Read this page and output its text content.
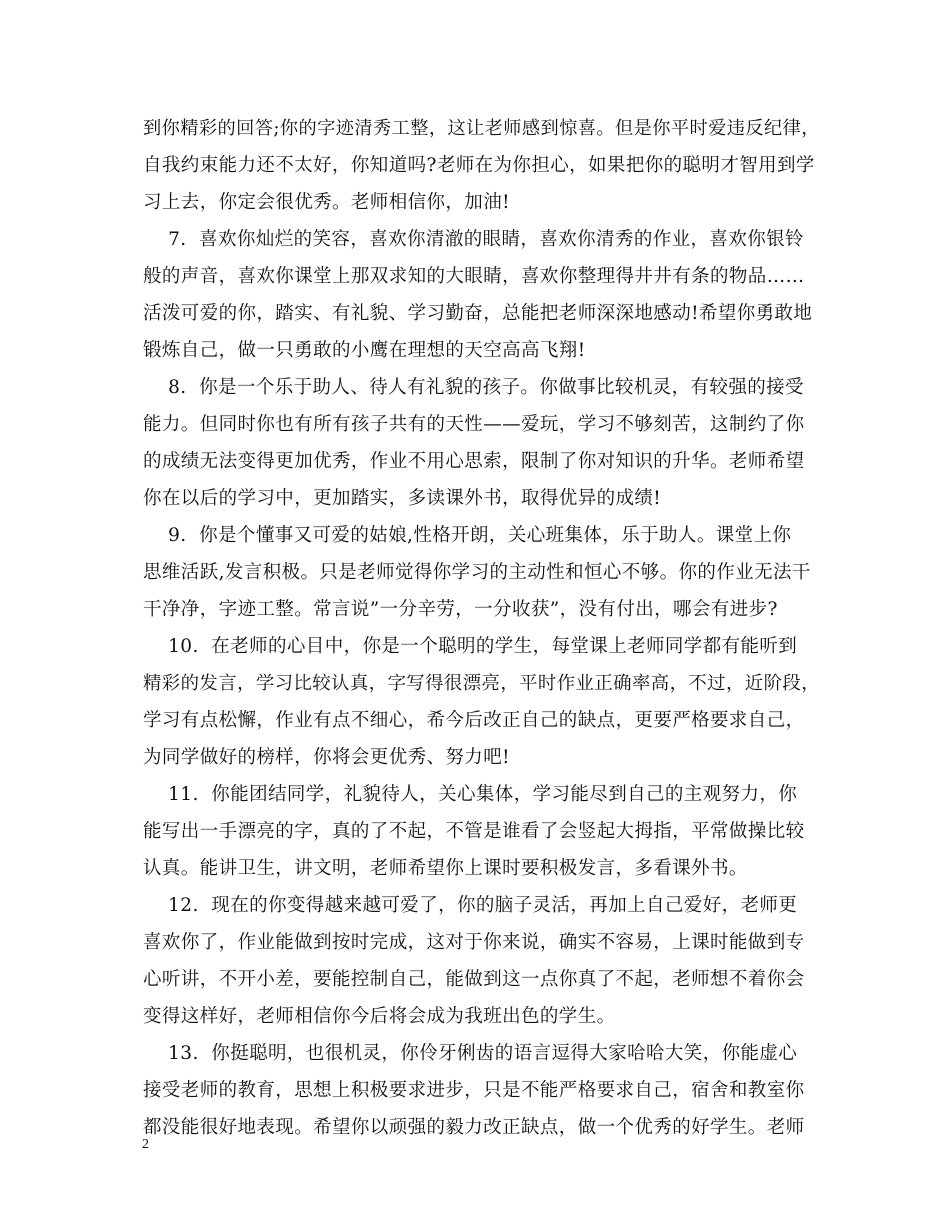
到你精彩的回答;你的字迹清秀工整，这让老师感到惊喜。但是你平时爱违反纪律，
自我约束能力还不太好，你知道吗?老师在为你担心，如果把你的聪明才智用到学
习上去，你定会很优秀。老师相信你，加油!
7.  喜欢你灿烂的笑容，喜欢你清澈的眼睛，喜欢你清秀的作业，喜欢你银铃
般的声音，喜欢你课堂上那双求知的大眼睛，喜欢你整理得井井有条的物品……
活泼可爱的你，踏实、有礼貌、学习勤奋，总能把老师深深地感动!希望你勇敢地
锻炼自己，做一只勇敢的小鹰在理想的天空高高飞翔!
8.  你是一个乐于助人、待人有礼貌的孩子。你做事比较机灵，有较强的接受
能力。但同时你也有所有孩子共有的天性——爱玩，学习不够刻苦，这制约了你
的成绩无法变得更加优秀，作业不用心思索，限制了你对知识的升华。老师希望
你在以后的学习中，更加踏实，多读课外书，取得优异的成绩!
9.  你是个懂事又可爱的姑娘,性格开朗，关心班集体，乐于助人。课堂上你
思维活跃,发言积极。只是老师觉得你学习的主动性和恒心不够。你的作业无法干
干净净，字迹工整。常言说”一分辛劳，一分收获”，没有付出，哪会有进步?
10.  在老师的心目中，你是一个聪明的学生，每堂课上老师同学都有能听到
精彩的发言，学习比较认真，字写得很漂亮，平时作业正确率高，不过，近阶段，
学习有点松懈，作业有点不细心，希今后改正自己的缺点，更要严格要求自己，
为同学做好的榜样，你将会更优秀、努力吧!
11.  你能团结同学，礼貌待人，关心集体，学习能尽到自己的主观努力，你
能写出一手漂亮的字，真的了不起，不管是谁看了会竖起大拇指，平常做操比较
认真。能讲卫生，讲文明，老师希望你上课时要积极发言，多看课外书。
12.  现在的你变得越来越可爱了，你的脑子灵活，再加上自己爱好，老师更
喜欢你了，作业能做到按时完成，这对于你来说，确实不容易，上课时能做到专
心听讲，不开小差，要能控制自己，能做到这一点你真了不起，老师想不着你会
变得这样好，老师相信你今后将会成为我班出色的学生。
13.  你挺聪明，也很机灵，你伶牙俐齿的语言逗得大家哈哈大笑，你能虚心
接受老师的教育，思想上积极要求进步，只是不能严格要求自己，宿舍和教室你
都没能很好地表现。希望你以顽强的毅力改正缺点，做一个优秀的好学生。老师
2
